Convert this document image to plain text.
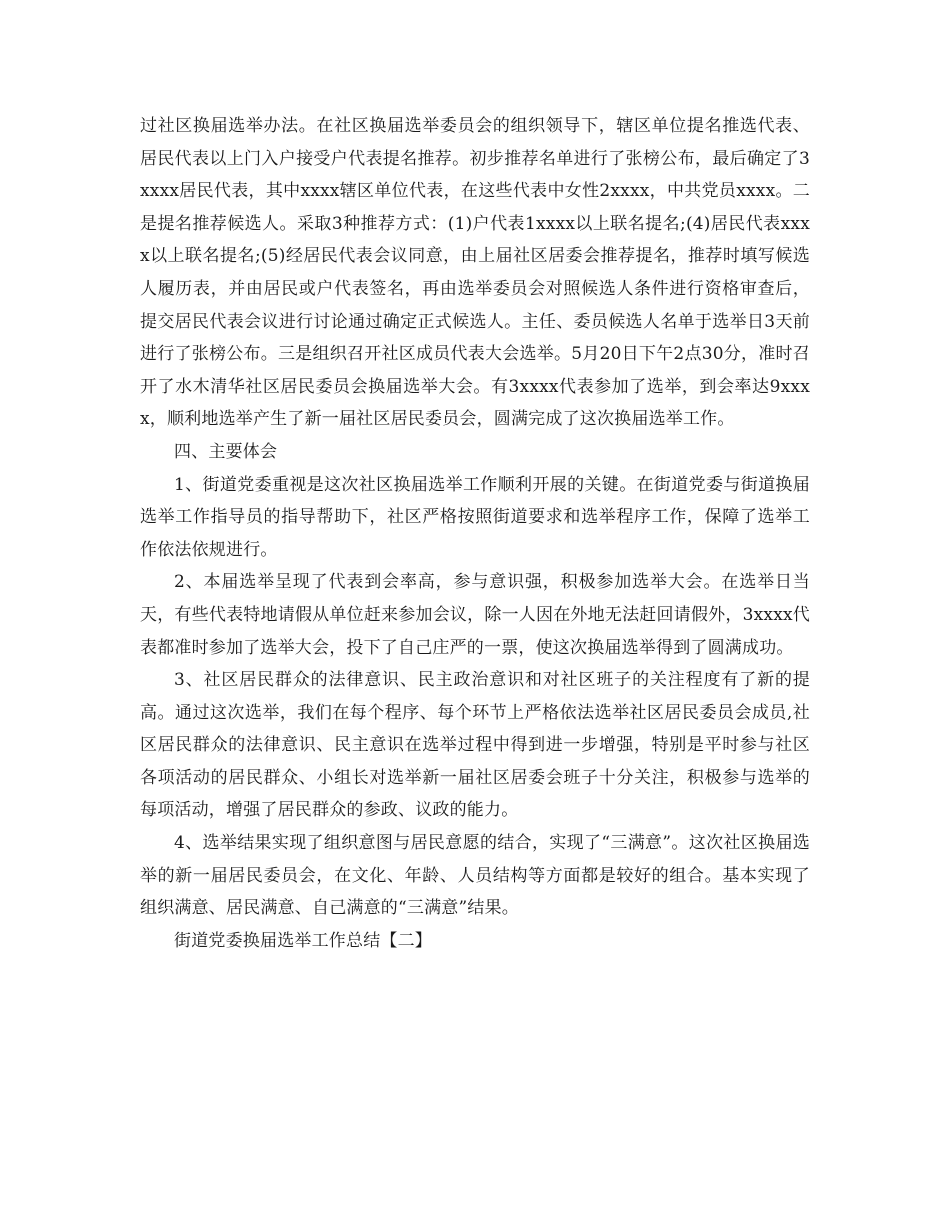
过社区换届选举办法。在社区换届选举委员会的组织领导下，辖区单位提名推选代表、居民代表以上门入户接受户代表提名推荐。初步推荐名单进行了张榜公布，最后确定了3xxxx居民代表，其中xxxx辖区单位代表，在这些代表中女性2xxxx，中共党员xxxx。二是提名推荐候选人。采取3种推荐方式：(1)户代表1xxxx以上联名提名;(4)居民代表xxxx以上联名提名;(5)经居民代表会议同意，由上届社区居委会推荐提名，推荐时填写候选人履历表，并由居民或户代表签名，再由选举委员会对照候选人条件进行资格审查后，提交居民代表会议进行讨论通过确定正式候选人。主任、委员候选人名单于选举日3天前进行了张榜公布。三是组织召开社区成员代表大会选举。5月20日下午2点30分，准时召开了水木清华社区居民委员会换届选举大会。有3xxxx代表参加了选举，到会率达9xxxx，顺利地选举产生了新一届社区居民委员会，圆满完成了这次换届选举工作。

四、主要体会

1、街道党委重视是这次社区换届选举工作顺利开展的关键。在街道党委与街道换届选举工作指导员的指导帮助下，社区严格按照街道要求和选举程序工作，保障了选举工作依法依规进行。

2、本届选举呈现了代表到会率高，参与意识强，积极参加选举大会。在选举日当天，有些代表特地请假从单位赶来参加会议，除一人因在外地无法赶回请假外，3xxxx代表都准时参加了选举大会，投下了自己庄严的一票，使这次换届选举得到了圆满成功。

3、社区居民群众的法律意识、民主政治意识和对社区班子的关注程度有了新的提高。通过这次选举，我们在每个程序、每个环节上严格依法选举社区居民委员会成员,社区居民群众的法律意识、民主意识在选举过程中得到进一步增强，特别是平时参与社区各项活动的居民群众、小组长对选举新一届社区居委会班子十分关注，积极参与选举的每项活动，增强了居民群众的参政、议政的能力。

4、选举结果实现了组织意图与居民意愿的结合，实现了“三满意”。这次社区换届选举的新一届居民委员会，在文化、年龄、人员结构等方面都是较好的组合。基本实现了组织满意、居民满意、自己满意的“三满意”结果。

街道党委换届选举工作总结【二】
